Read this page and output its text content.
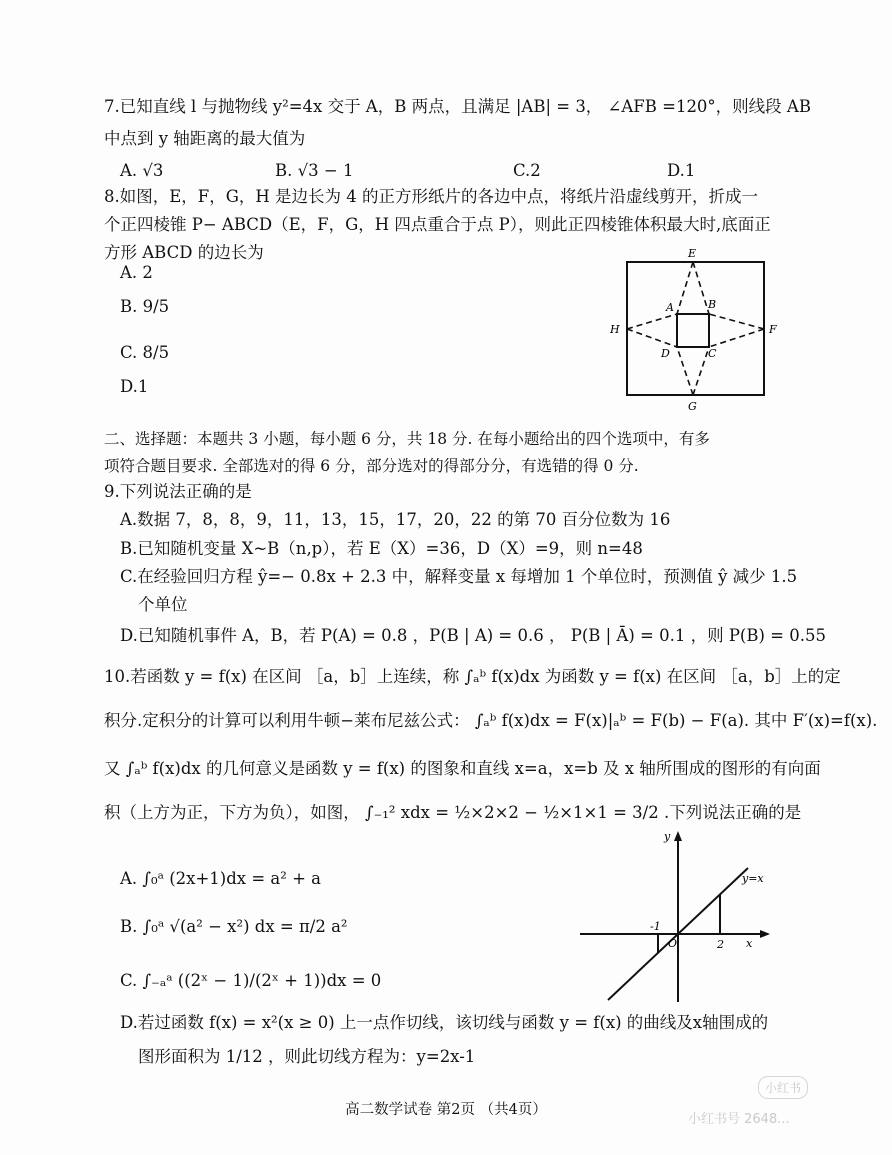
7.已知直线 l 与抛物线 y²=4x 交于 A，B 两点，且满足 |AB| = 3， ∠AFB =120°，则线段 AB
中点到 y 轴距离的最大值为
A. √3	B. √3 − 1	C.2	D.1
8.如图，E，F，G，H 是边长为 4 的正方形纸片的各边中点，将纸片沿虚线剪开，折成一
个正四棱锥 P− ABCD（E，F，G，H 四点重合于点 P），则此正四棱锥体积最大时,底面正
方形 ABCD 的边长为
A. 2
B. 9/5
C. 8/5
D.1
E
F
G
H
A	B
C
D
二、选择题：本题共 3 小题，每小题 6 分，共 18 分. 在每小题给出的四个选项中，有多
项符合题目要求. 全部选对的得 6 分，部分选对的得部分分，有选错的得 0 分.
9.下列说法正确的是
A.数据 7，8，8，9，11，13，15，17，20，22 的第 70 百分位数为 16
B.已知随机变量 X~B（n,p），若 E（X）=36，D（X）=9，则 n=48
C.在经验回归方程 ŷ=− 0.8x + 2.3 中，解释变量 x 每增加 1 个单位时，预测值 ŷ 减少 1.5
个单位
D.已知随机事件 A，B，若 P(A) = 0.8 ，P(B | A) = 0.6 ， P(B | Ā) = 0.1 ，则 P(B) = 0.55
10.若函数 y = f(x) 在区间 ［a，b］上连续，称 ∫ₐᵇ f(x)dx 为函数 y = f(x) 在区间 ［a，b］上的定
积分.定积分的计算可以利用牛顿−莱布尼兹公式： ∫ₐᵇ f(x)dx = F(x)|ₐᵇ = F(b) − F(a). 其中 F′(x)=f(x).
又 ∫ₐᵇ f(x)dx 的几何意义是函数 y = f(x) 的图象和直线 x=a，x=b 及 x 轴所围成的图形的有向面
积（上方为正，下方为负），如图， ∫₋₁² xdx = ½×2×2 − ½×1×1 = 3/2 .下列说法正确的是
A. ∫₀ᵃ (2x+1)dx = a² + a
B. ∫₀ᵃ √(a² − x²) dx = π/2 a²
C. ∫₋ₐᵃ ((2ˣ − 1)/(2ˣ + 1))dx = 0
D.若过函数 f(x) = x²(x ≥ 0) 上一点作切线，该切线与函数 y = f(x) 的曲线及x轴围成的
图形面积为 1/12 ，则此切线方程为：y=2x-1
y
x
y=x
O
-1
2
高二数学试卷 第2页 （共4页）
小红书
小红书号 2648...
